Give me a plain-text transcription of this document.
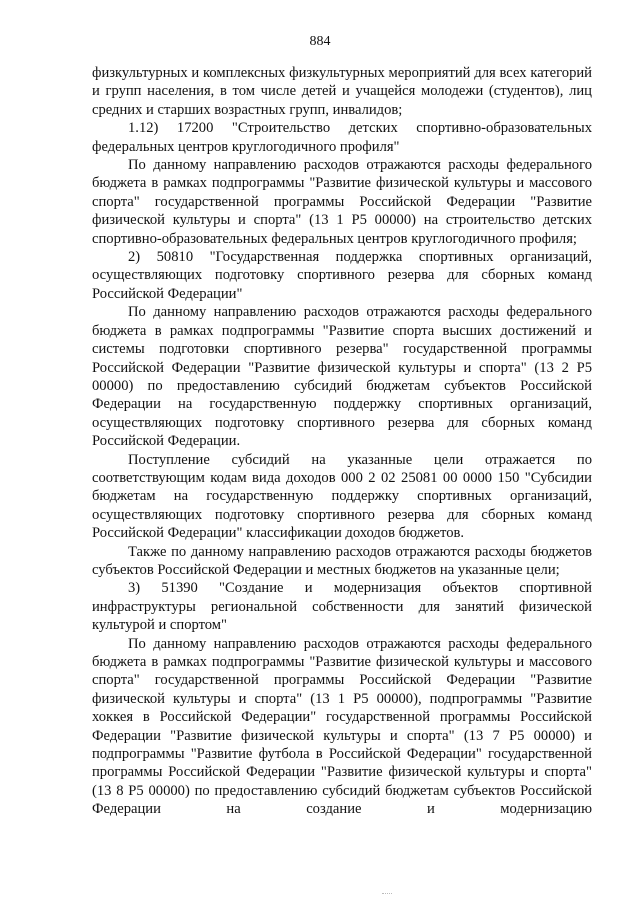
884

физкультурных и комплексных физкультурных мероприятий для всех категорий и групп населения, в том числе детей и учащейся молодежи (студентов), лиц средних и старших возрастных групп, инвалидов;

1.12) 17200 "Строительство детских спортивно-образовательных федеральных центров круглогодичного профиля"

По данному направлению расходов отражаются расходы федерального бюджета в рамках подпрограммы "Развитие физической культуры и массового спорта" государственной программы Российской Федерации "Развитие физической культуры и спорта" (13 1 Р5 00000) на строительство детских спортивно-образовательных федеральных центров круглогодичного профиля;

2) 50810 "Государственная поддержка спортивных организаций, осуществляющих подготовку спортивного резерва для сборных команд Российской Федерации"

По данному направлению расходов отражаются расходы федерального бюджета в рамках подпрограммы "Развитие спорта высших достижений и системы подготовки спортивного резерва" государственной программы Российской Федерации "Развитие физической культуры и спорта" (13 2 Р5 00000) по предоставлению субсидий бюджетам субъектов Российской Федерации на государственную поддержку спортивных организаций, осуществляющих подготовку спортивного резерва для сборных команд Российской Федерации.

Поступление субсидий на указанные цели отражается по соответствующим кодам вида доходов 000 2 02 25081 00 0000 150 "Субсидии бюджетам на государственную поддержку спортивных организаций, осуществляющих подготовку спортивного резерва для сборных команд Российской Федерации" классификации доходов бюджетов.

Также по данному направлению расходов отражаются расходы бюджетов субъектов Российской Федерации и местных бюджетов на указанные цели;

3) 51390 "Создание и модернизация объектов спортивной инфраструктуры региональной собственности для занятий физической культурой и спортом"

По данному направлению расходов отражаются расходы федерального бюджета в рамках подпрограммы "Развитие физической культуры и массового спорта" государственной программы Российской Федерации "Развитие физической культуры и спорта" (13 1 Р5 00000), подпрограммы "Развитие хоккея в Российской Федерации" государственной программы Российской Федерации "Развитие физической культуры и спорта" (13 7 Р5 00000) и подпрограммы "Развитие футбола в Российской Федерации" государственной программы Российской Федерации "Развитие физической культуры и спорта" (13 8 Р5 00000) по предоставлению субсидий бюджетам субъектов Российской Федерации на создание и модернизацию
